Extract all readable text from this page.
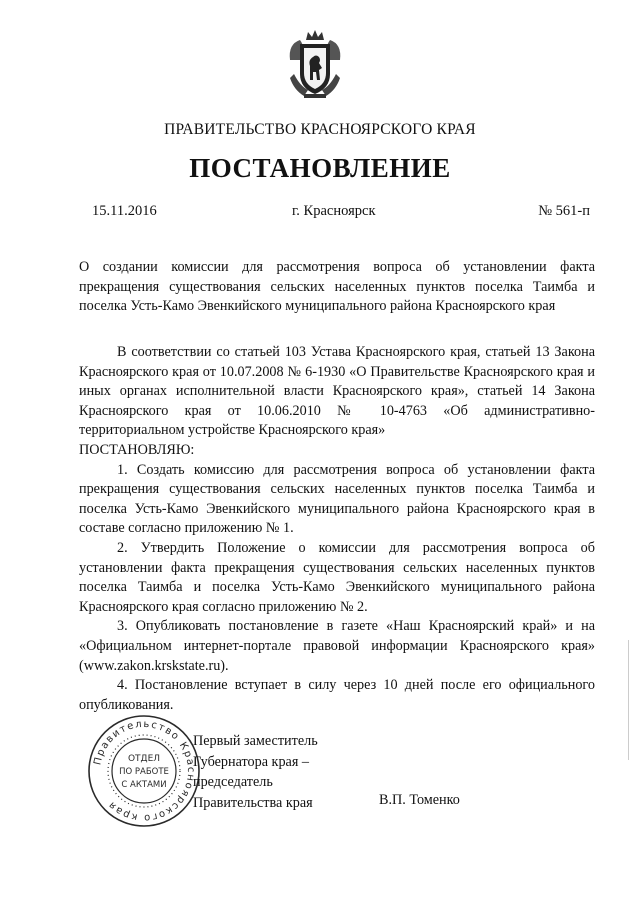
ПРАВИТЕЛЬСТВО КРАСНОЯРСКОГО КРАЯ
ПОСТАНОВЛЕНИЕ
15.11.2016	г. Красноярск	№ 561-п
О создании комиссии для рассмотрения вопроса об установлении факта прекращения существования сельских населенных пунктов поселка Таимба и поселка Усть-Камо Эвенкийского муниципального района Красноярского края

В соответствии со статьей 103 Устава Красноярского края, статьей 13 Закона Красноярского края от 10.07.2008 № 6-1930 «О Правительстве Красноярского края и иных органах исполнительной власти Красноярского края», статьей 14 Закона Красноярского края от 10.06.2010 № 10-4763 «Об административно-территориальном устройстве Красноярского края»

ПОСТАНОВЛЯЮ:

1. Создать комиссию для рассмотрения вопроса об установлении факта прекращения существования сельских населенных пунктов поселка Таимба и поселка Усть-Камо Эвенкийского муниципального района Красноярского края в составе согласно приложению № 1.

2. Утвердить Положение о комиссии для рассмотрения вопроса об установлении факта прекращения существования сельских населенных пунктов поселка Таимба и поселка Усть-Камо Эвенкийского муниципального района Красноярского края согласно приложению № 2.

3. Опубликовать постановление в газете «Наш Красноярский край» и на «Официальном интернет-портале правовой информации Красноярского края» (www.zakon.krskstate.ru).

4. Постановление вступает в силу через 10 дней после его официального опубликования.

Правительство Красноярского края
ОТДЕЛ
ПО РАБОТЕ
С АКТАМИ
Первый заместитель
Губернатора края –
председатель
Правительства края	В.П. Томенко
